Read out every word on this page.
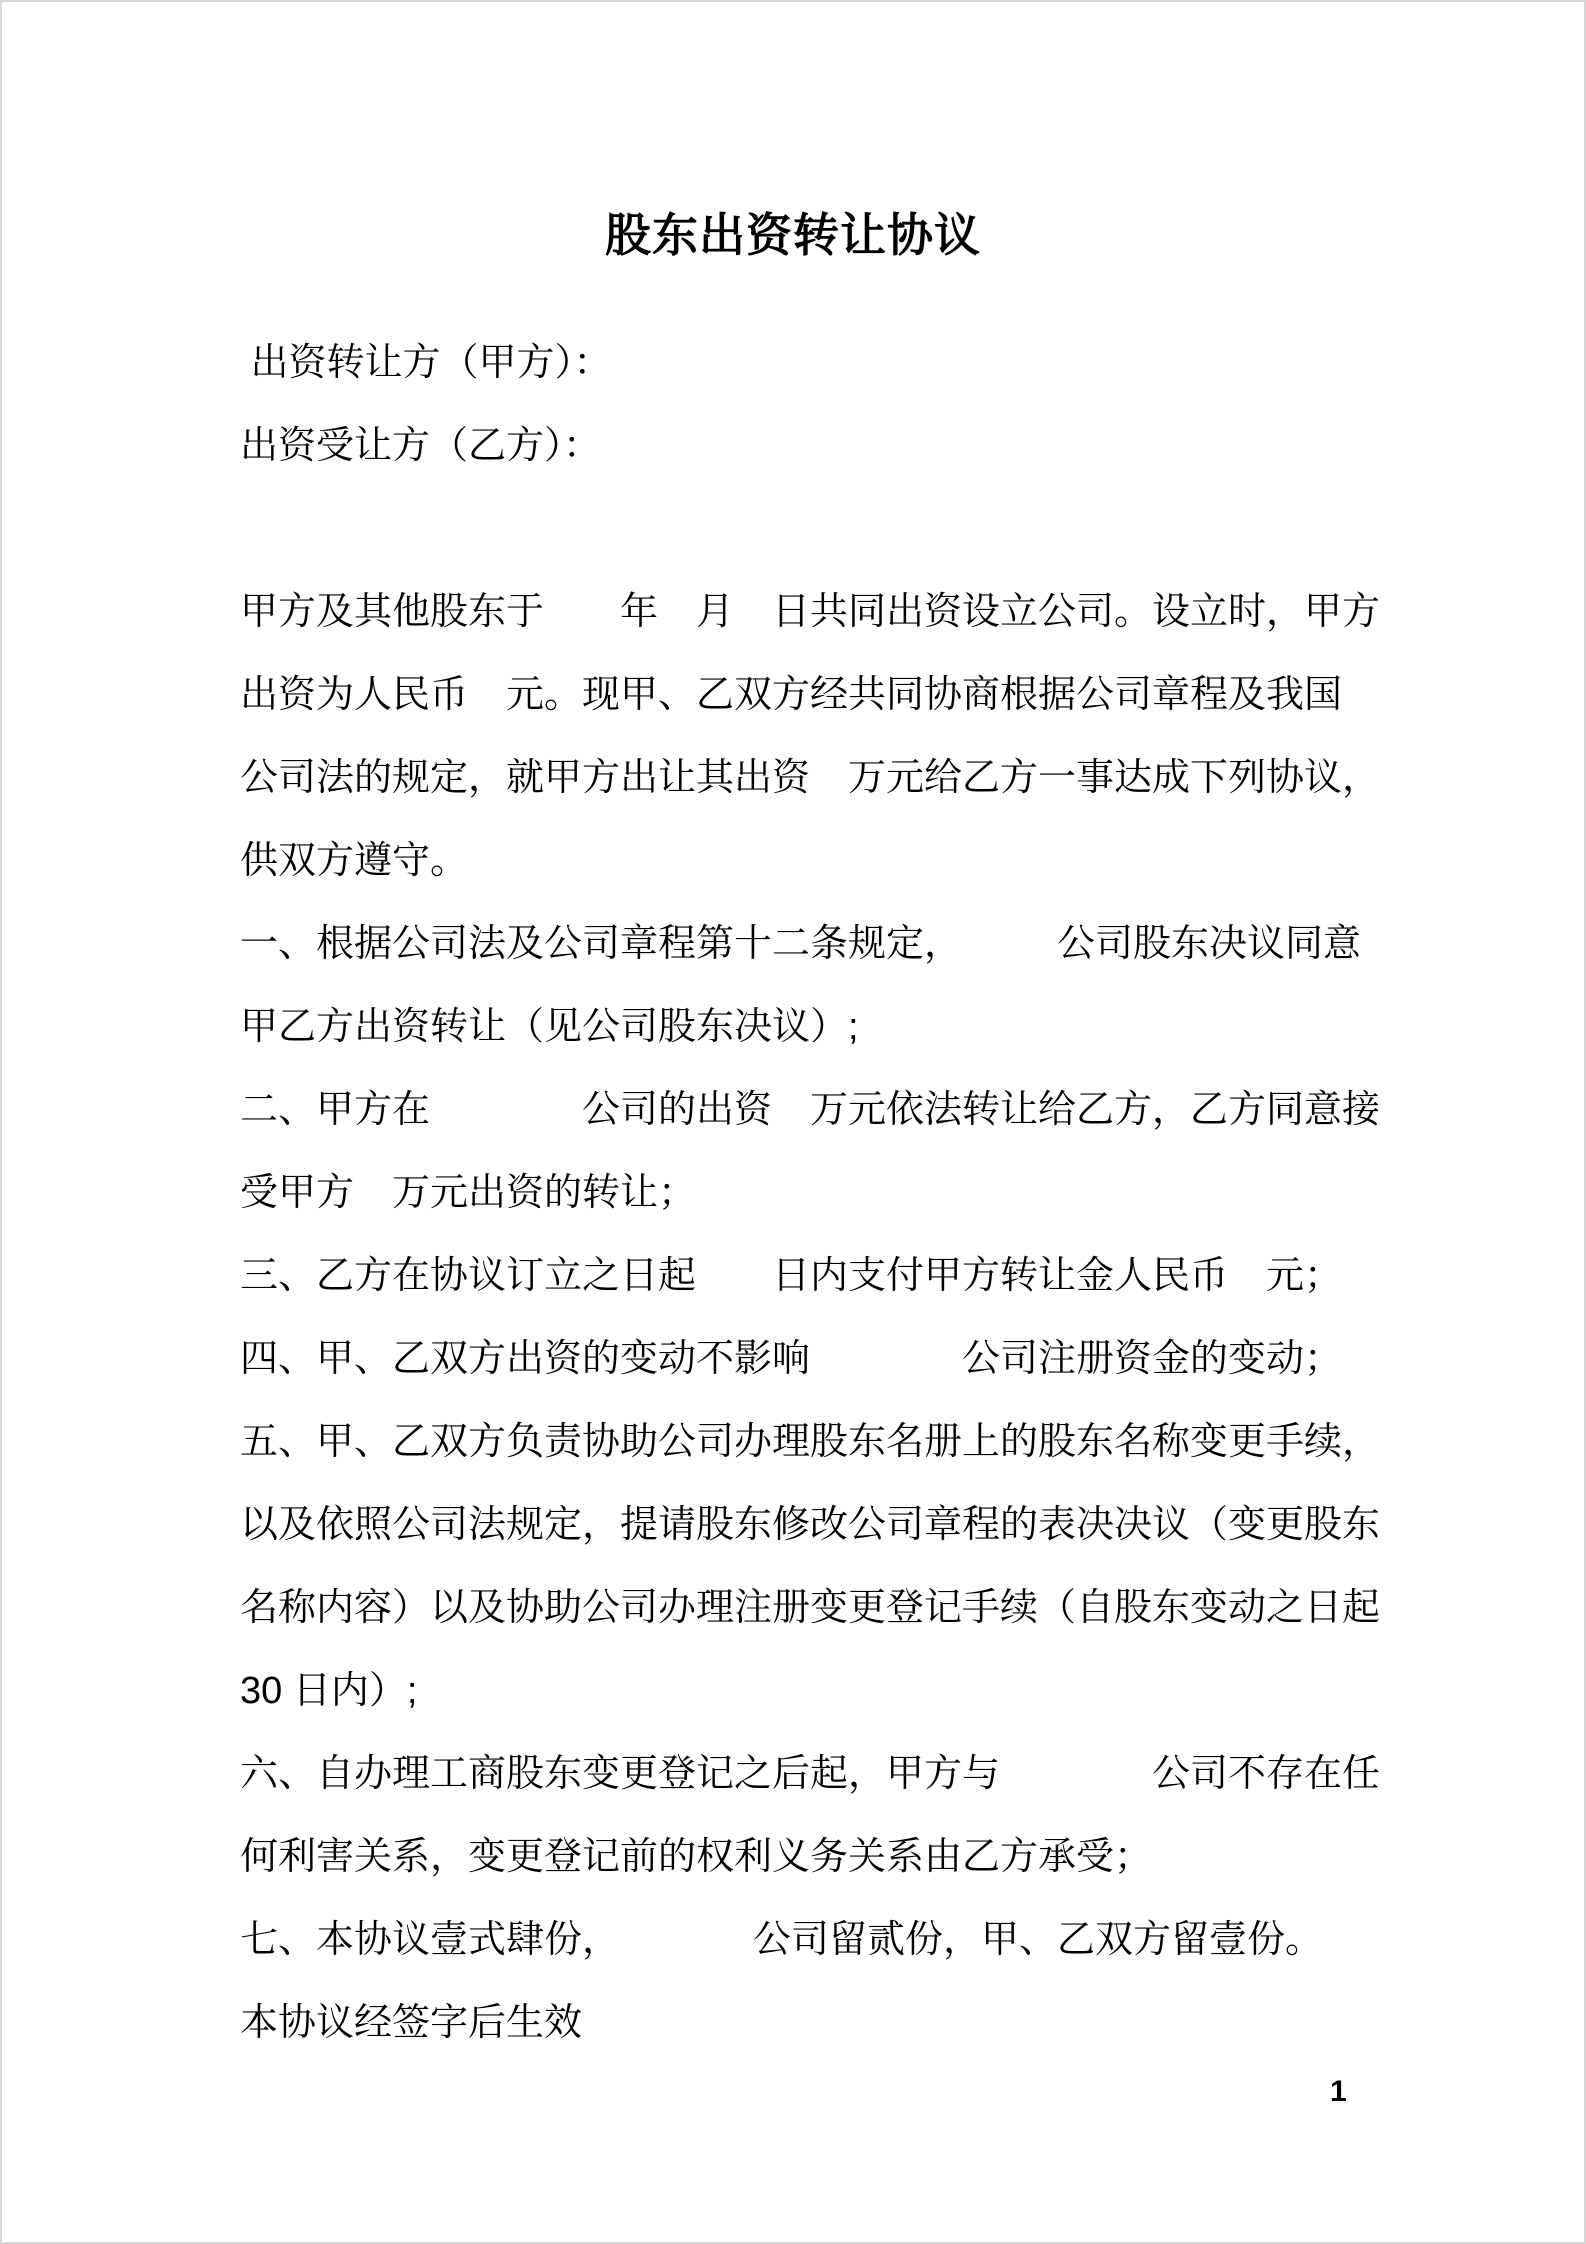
股东出资转让协议
出资转让方（甲方）：
出资受让方（乙方）：
甲方及其他股东于　　年　月　日共同出资设立公司。设立时，甲方
出资为人民币　元。现甲、乙双方经共同协商根据公司章程及我国
公司法的规定，就甲方出让其出资　万元给乙方一事达成下列协议，
供双方遵守。
一、根据公司法及公司章程第十二条规定，　　　公司股东决议同意
甲乙方出资转让（见公司股东决议）;
二、甲方在　　　　公司的出资　万元依法转让给乙方，乙方同意接
受甲方　万元出资的转让；
三、乙方在协议订立之日起　　日内支付甲方转让金人民币　元；
四、甲、乙双方出资的变动不影响　　　　公司注册资金的变动；
五、甲、乙双方负责协助公司办理股东名册上的股东名称变更手续，
以及依照公司法规定，提请股东修改公司章程的表决决议（变更股东
名称内容）以及协助公司办理注册变更登记手续（自股东变动之日起
30 日内）;
六、自办理工商股东变更登记之后起，甲方与　　　　公司不存在任
何利害关系，变更登记前的权利义务关系由乙方承受；
七、本协议壹式肆份，　　　　公司留贰份，甲、乙双方留壹份。
本协议经签字后生效
1
